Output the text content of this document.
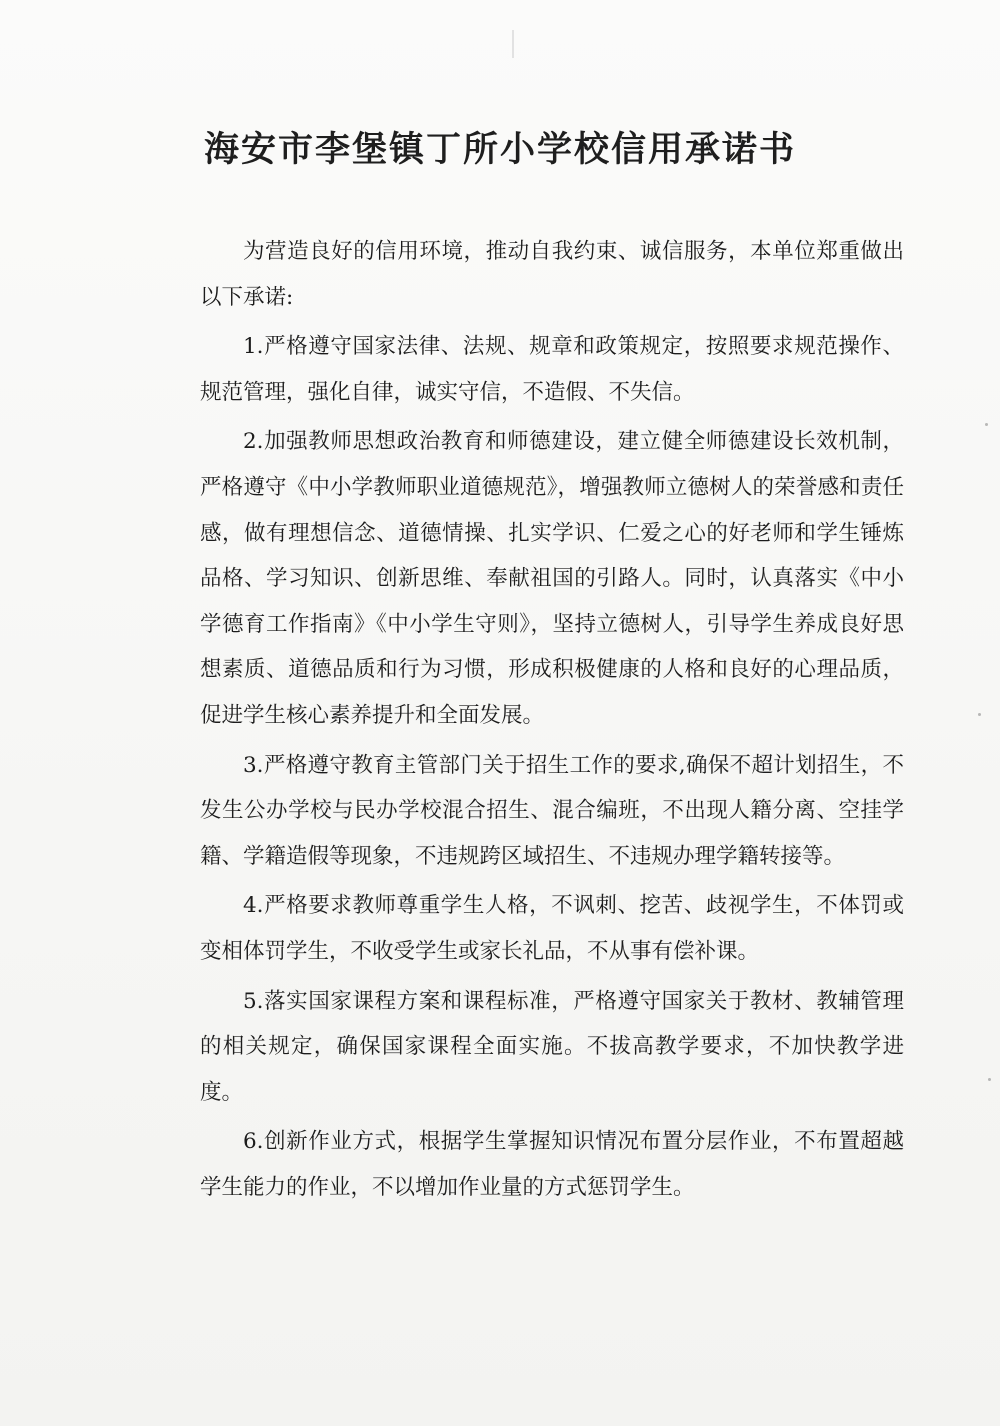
海安市李堡镇丁所小学校信用承诺书

为营造良好的信用环境，推动自我约束、诚信服务，本单位郑重做出以下承诺:

1.严格遵守国家法律、法规、规章和政策规定，按照要求规范操作、规范管理，强化自律，诚实守信，不造假、不失信。

2.加强教师思想政治教育和师德建设，建立健全师德建设长效机制，严格遵守《中小学教师职业道德规范》，增强教师立德树人的荣誉感和责任感，做有理想信念、道德情操、扎实学识、仁爱之心的好老师和学生锤炼品格、学习知识、创新思维、奉献祖国的引路人。同时，认真落实《中小学德育工作指南》《中小学生守则》，坚持立德树人，引导学生养成良好思想素质、道德品质和行为习惯，形成积极健康的人格和良好的心理品质，促进学生核心素养提升和全面发展。

3.严格遵守教育主管部门关于招生工作的要求,确保不超计划招生，不发生公办学校与民办学校混合招生、混合编班，不出现人籍分离、空挂学籍、学籍造假等现象，不违规跨区域招生、不违规办理学籍转接等。

4.严格要求教师尊重学生人格，不讽刺、挖苦、歧视学生，不体罚或变相体罚学生，不收受学生或家长礼品，不从事有偿补课。

5.落实国家课程方案和课程标准，严格遵守国家关于教材、教辅管理的相关规定，确保国家课程全面实施。不拔高教学要求，不加快教学进度。

6.创新作业方式，根据学生掌握知识情况布置分层作业，不布置超越学生能力的作业，不以增加作业量的方式惩罚学生。
